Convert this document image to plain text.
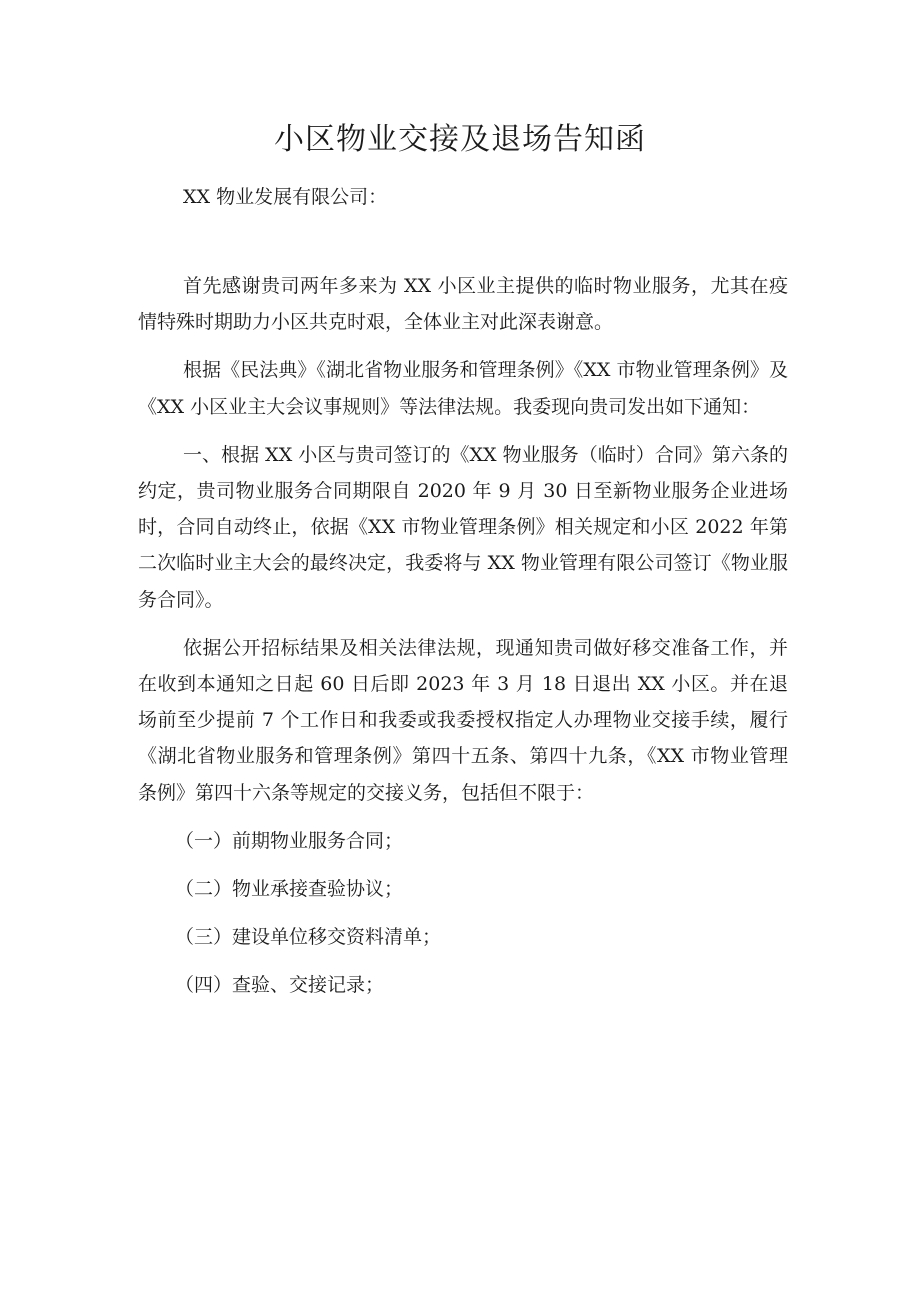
小区物业交接及退场告知函

XX 物业发展有限公司：

首先感谢贵司两年多来为 XX 小区业主提供的临时物业服务，尤其在疫情特殊时期助力小区共克时艰，全体业主对此深表谢意。

根据《民法典》《湖北省物业服务和管理条例》《XX 市物业管理条例》及《XX 小区业主大会议事规则》等法律法规。我委现向贵司发出如下通知：

一、根据 XX 小区与贵司签订的《XX 物业服务（临时）合同》第六条的约定，贵司物业服务合同期限自 2020 年 9 月 30 日至新物业服务企业进场时，合同自动终止，依据《XX 市物业管理条例》相关规定和小区 2022 年第二次临时业主大会的最终决定，我委将与 XX 物业管理有限公司签订《物业服务合同》。

依据公开招标结果及相关法律法规，现通知贵司做好移交准备工作，并在收到本通知之日起 60 日后即 2023 年 3 月 18 日退出 XX 小区。并在退场前至少提前 7 个工作日和我委或我委授权指定人办理物业交接手续，履行《湖北省物业服务和管理条例》第四十五条、第四十九条，《XX 市物业管理条例》第四十六条等规定的交接义务，包括但不限于：

（一）前期物业服务合同；

（二）物业承接查验协议；

（三）建设单位移交资料清单；

（四）查验、交接记录；
